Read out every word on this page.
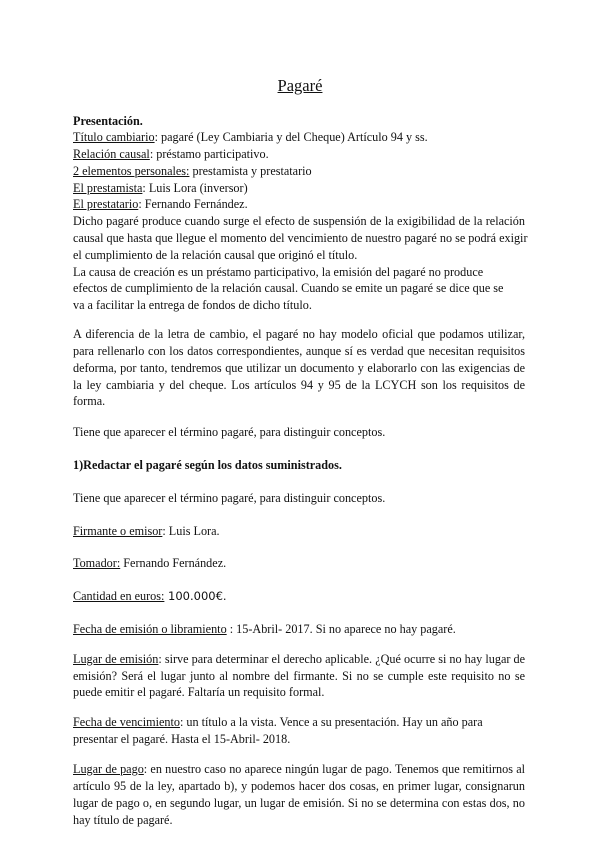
Pagaré
Presentación.
Título cambiario: pagaré (Ley Cambiaria y del Cheque) Artículo 94 y ss.
Relación causal: préstamo participativo.
2 elementos personales: prestamista y prestatario
El prestamista: Luis Lora (inversor)
El prestatario: Fernando Fernández.
Dicho pagaré produce cuando surge el efecto de suspensión de la exigibilidad de la relación
causal que hasta que llegue el momento del vencimiento de nuestro pagaré no se podrá exigir
el cumplimiento de la relación causal que originó el título.
La causa de creación es un préstamo participativo, la emisión del pagaré no produce
efectos de cumplimiento de la relación causal. Cuando se emite un pagaré se dice que se
va a facilitar la entrega de fondos de dicho título.
A diferencia de la letra de cambio, el pagaré no hay modelo oficial que podamos utilizar,
para rellenarlo con los datos correspondientes, aunque sí es verdad que necesitan requisitos
deforma, por tanto, tendremos que utilizar un documento y elaborarlo con las exigencias de
la ley cambiaria y del cheque. Los artículos 94 y 95 de la LCYCH son los requisitos de
forma.
Tiene que aparecer el término pagaré, para distinguir conceptos.
1)Redactar el pagaré según los datos suministrados.
Tiene que aparecer el término pagaré, para distinguir conceptos.
Firmante o emisor: Luis Lora.
Tomador: Fernando Fernández.
Cantidad en euros: 100.000€.
Fecha de emisión o libramiento : 15-Abril- 2017. Si no aparece no hay pagaré.
Lugar de emisión: sirve para determinar el derecho aplicable. ¿Qué ocurre si no hay lugar de
emisión? Será el lugar junto al nombre del firmante. Si no se cumple este requisito no se
puede emitir el pagaré. Faltaría un requisito formal.
Fecha de vencimiento: un título a la vista. Vence a su presentación. Hay un año para
presentar el pagaré. Hasta el 15-Abril- 2018.
Lugar de pago: en nuestro caso no aparece ningún lugar de pago. Tenemos que remitirnos al
artículo 95 de la ley, apartado b), y podemos hacer dos cosas, en primer lugar, consignarun
lugar de pago o, en segundo lugar, un lugar de emisión. Si no se determina con estas dos, no
hay título de pagaré.
